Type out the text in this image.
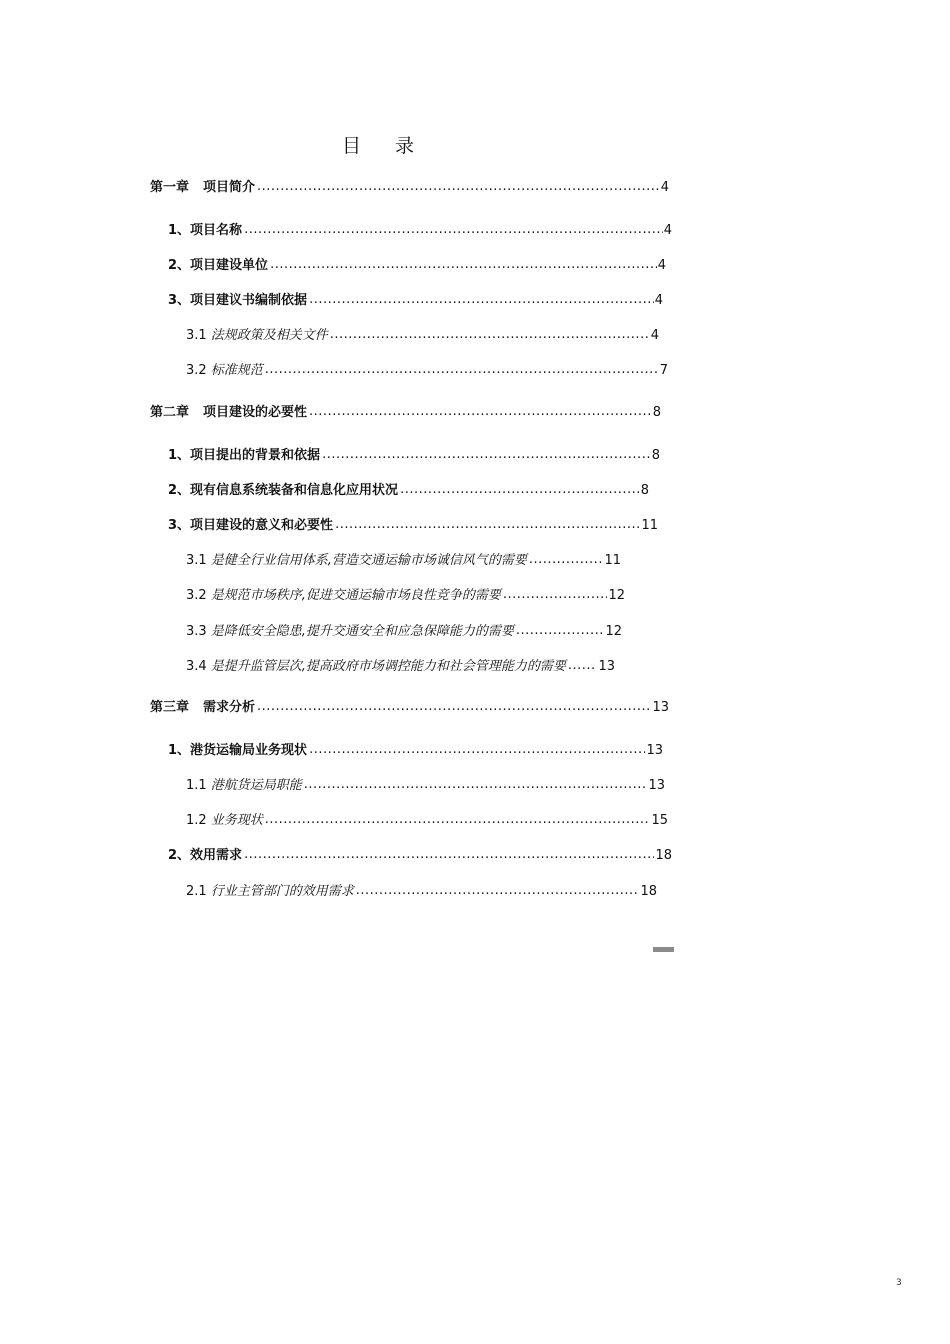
目 录
第一章 项目简介 .....	4
1、 项目名称 .....	4
2、 项目建设单位 .....	4
3、 项目建议书编制依据 .....	4
3.1 法规政策及相关文件 .....	4
3.2 标准规范 .....	7
第二章 项目建设的必要性 .....	8
1、 项目提出的背景和依据 .....	8
2、 现有信息系统装备和信息化应用状况 .....	8
3、 项目建设的意义和必要性 .....	11
3.1 是健全行业信用体系,营造交通运输市场诚信风气的需要 .....	11
3.2 是规范市场秩序,促进交通运输市场良性竞争的需要 .....	12
3.3 是降低安全隐患,提升交通安全和应急保障能力的需要 .....	12
3.4 是提升监管层次,提高政府市场调控能力和社会管理能力的需要 .....	13
第三章 需求分析 .....	13
1、 港货运输局业务现状 .....	13
1.1 港航货运局职能 .....	13
1.2 业务现状 .....	15
2、 效用需求 .....	18
2.1 行业主管部门的效用需求 .....	18
3
